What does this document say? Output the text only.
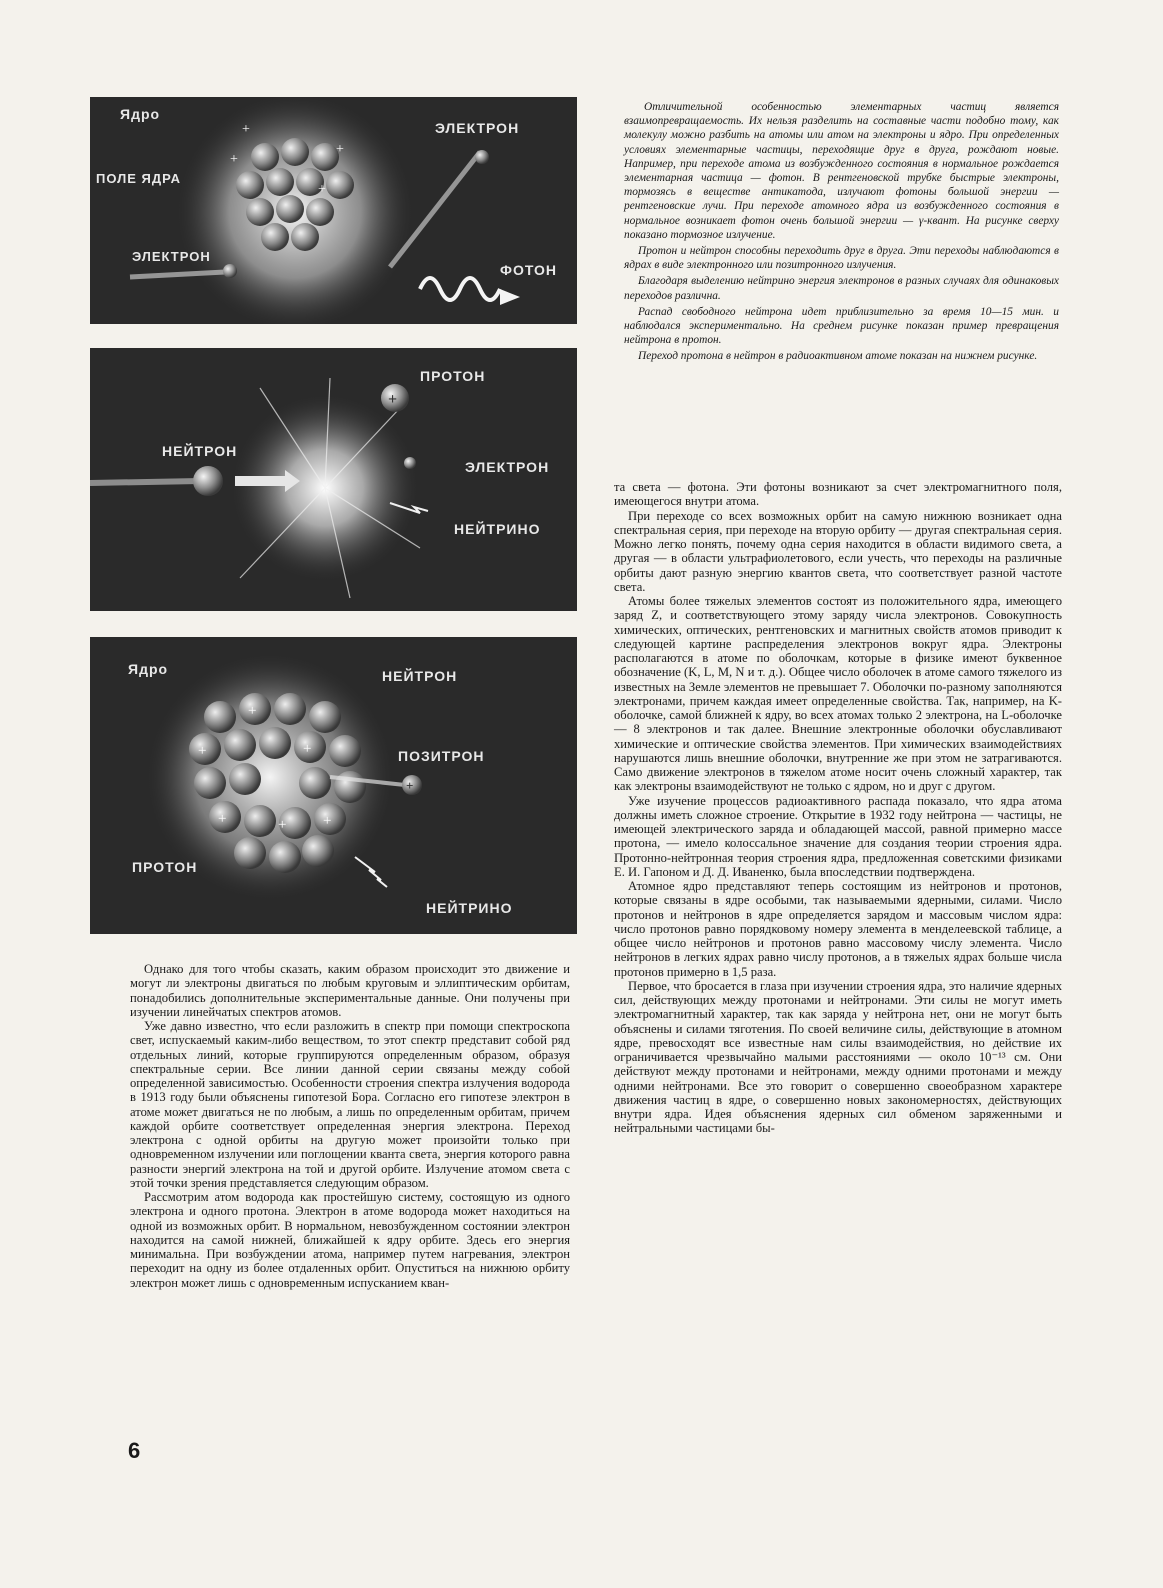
+
+
+
+
Ядро
ПОЛЕ ЯДРА
ЭЛЕКТРОН
ЭЛЕКТРОН
ФОТОН
+
ПРОТОН
НЕЙТРОН
ЭЛЕКТРОН
НЕЙТРИНО
+
+	+
+	+
+
+
Ядро	НЕЙТРОН
ПОЗИТРОН
ПРОТОН
НЕЙТРИНО

Отличительной особенностью элементарных частиц является взаимопревращаемость. Их нельзя разделить на составные части подобно тому, как молекулу можно разбить на атомы или атом на электроны и ядро. При определенных условиях элементарные частицы, переходящие друг в друга, рождают новые. Например, при переходе атома из возбужденного состояния в нормальное рождается элементарная частица — фотон. В рентгеновской трубке быстрые электроны, тормозясь в веществе антикатода, излучают фотоны большой энергии — рентгеновские лучи. При переходе атомного ядра из возбужденного состояния в нормальное возникает фотон очень большой энергии — γ-квант. На рисунке сверху показано тормозное излучение.

Протон и нейтрон способны переходить друг в друга. Эти переходы наблюдаются в ядрах в виде электронного или позитронного излучения.

Благодаря выделению нейтрино энергия электронов в разных случаях для одинаковых переходов различна.

Распад свободного нейтрона идет приблизительно за время 10—15 мин. и наблюдался экспериментально. На среднем рисунке показан пример превращения нейтрона в протон.

Переход протона в нейтрон в радиоактивном атоме показан на нижнем рисунке.

та света — фотона. Эти фотоны возникают за счет электромагнитного поля, имеющегося внутри атома.

При переходе со всех возможных орбит на самую нижнюю возникает одна спектральная серия, при переходе на вторую орбиту — другая спектральная серия. Можно легко понять, почему одна серия находится в области видимого света, а другая — в области ультрафиолетового, если учесть, что переходы на различные орбиты дают разную энергию квантов света, что соответствует разной частоте света.

Атомы более тяжелых элементов состоят из положительного ядра, имеющего заряд Z, и соответствующего этому заряду числа электронов. Совокупность химических, оптических, рентгеновских и магнитных свойств атомов приводит к следующей картине распределения электронов вокруг ядра. Электроны располагаются в атоме по оболочкам, которые в физике имеют буквенное обозначение (K, L, M, N и т. д.). Общее число оболочек в атоме самого тяжелого из известных на Земле элементов не превышает 7. Оболочки по-разному заполняются электронами, причем каждая имеет определенные свойства. Так, например, на K-оболочке, самой ближней к ядру, во всех атомах только 2 электрона, на L-оболочке — 8 электронов и так далее. Внешние электронные оболочки обуславливают химические и оптические свойства элементов. При химических взаимодействиях нарушаются лишь внешние оболочки, внутренние же при этом не затрагиваются. Само движение электронов в тяжелом атоме носит очень сложный характер, так как электроны взаимодействуют не только с ядром, но и друг с другом.

Уже изучение процессов радиоактивного распада показало, что ядра атома должны иметь сложное строение. Открытие в 1932 году нейтрона — частицы, не имеющей электрического заряда и обладающей массой, равной примерно массе протона, — имело колоссальное значение для создания теории строения ядра. Протонно-нейтронная теория строения ядра, предложенная советскими физиками Е. И. Гапоном и Д. Д. Иваненко, была впоследствии подтверждена.

Атомное ядро представляют теперь состоящим из нейтронов и протонов, которые связаны в ядре особыми, так называемыми ядерными, силами. Число протонов и нейтронов в ядре определяется зарядом и массовым числом ядра: число протонов равно порядковому номеру элемента в менделеевской таблице, а общее число нейтронов и протонов равно массовому числу элемента. Число нейтронов в легких ядрах равно числу протонов, а в тяжелых ядрах больше числа протонов примерно в 1,5 раза.

Первое, что бросается в глаза при изучении строения ядра, это наличие ядерных сил, действующих между протонами и нейтронами. Эти силы не могут иметь электромагнитный характер, так как заряда у нейтрона нет, они не могут быть объяснены и силами тяготения. По своей величине силы, действующие в атомном ядре, превосходят все известные нам силы взаимодействия, но действие их ограничивается чрезвычайно малыми расстояниями — около 10⁻¹³ см. Они действуют между протонами и нейтронами, между одними протонами и между одними нейтронами. Все это говорит о совершенно своеобразном характере движения частиц в ядре, о совершенно новых закономерностях, действующих внутри ядра. Идея объяснения ядерных сил обменом заряженными и нейтральными частицами бы-

Однако для того чтобы сказать, каким образом происходит это движение и могут ли электроны двигаться по любым круговым и эллиптическим орбитам, понадобились дополнительные экспериментальные данные. Они получены при изучении линейчатых спектров атомов.

Уже давно известно, что если разложить в спектр при помощи спектроскопа свет, испускаемый каким-либо веществом, то этот спектр представит собой ряд отдельных линий, которые группируются определенным образом, образуя спектральные серии. Все линии данной серии связаны между собой определенной зависимостью. Особенности строения спектра излучения водорода в 1913 году были объяснены гипотезой Бора. Согласно его гипотезе электрон в атоме может двигаться не по любым, а лишь по определенным орбитам, причем каждой орбите соответствует определенная энергия электрона. Переход электрона с одной орбиты на другую может произойти только при одновременном излучении или поглощении кванта света, энергия которого равна разности энергий электрона на той и другой орбите. Излучение атомом света с этой точки зрения представляется следующим образом.

Рассмотрим атом водорода как простейшую систему, состоящую из одного электрона и одного протона. Электрон в атоме водорода может находиться на одной из возможных орбит. В нормальном, невозбужденном состоянии электрон находится на самой нижней, ближайшей к ядру орбите. Здесь его энергия минимальна. При возбуждении атома, например путем нагревания, электрон переходит на одну из более отдаленных орбит. Опуститься на нижнюю орбиту электрон может лишь с одновременным испусканием кван-

6
